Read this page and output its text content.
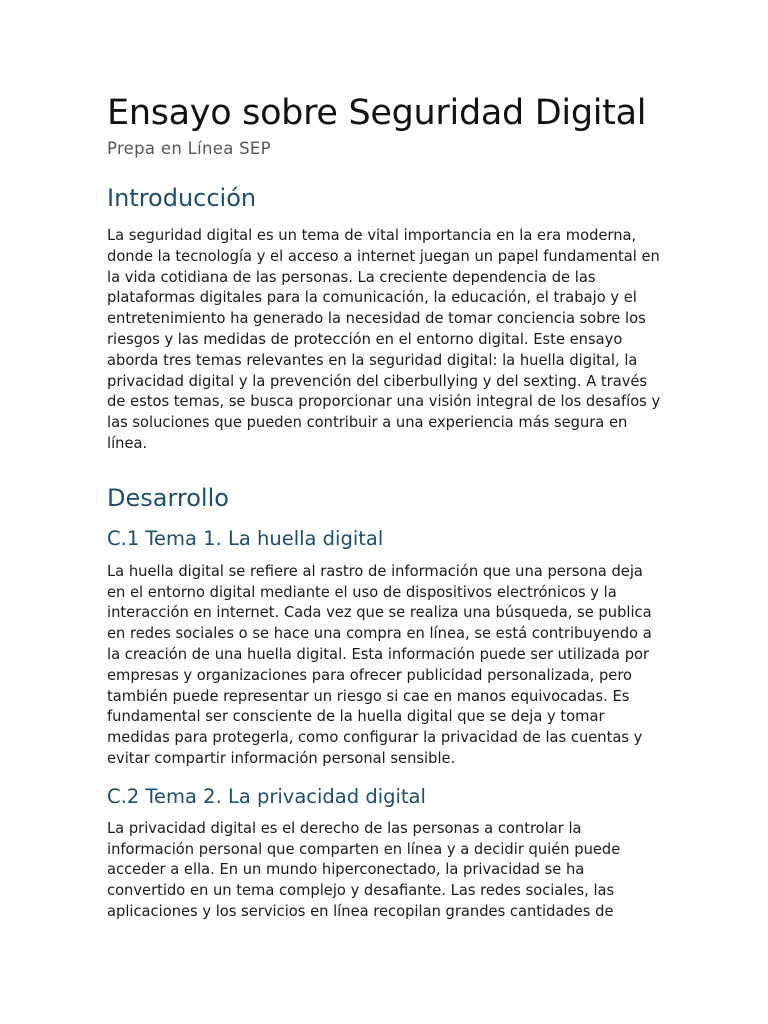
Ensayo sobre Seguridad Digital
Prepa en Línea SEP
Introducción

La seguridad digital es un tema de vital importancia en la era moderna, donde la tecnología y el acceso a internet juegan un papel fundamental en la vida cotidiana de las personas. La creciente dependencia de las plataformas digitales para la comunicación, la educación, el trabajo y el entretenimiento ha generado la necesidad de tomar conciencia sobre los riesgos y las medidas de protección en el entorno digital. Este ensayo aborda tres temas relevantes en la seguridad digital: la huella digital, la privacidad digital y la prevención del ciberbullying y del sexting. A través de estos temas, se busca proporcionar una visión integral de los desafíos y las soluciones que pueden contribuir a una experiencia más segura en línea.

Desarrollo
C.1 Tema 1. La huella digital

La huella digital se refiere al rastro de información que una persona deja en el entorno digital mediante el uso de dispositivos electrónicos y la interacción en internet. Cada vez que se realiza una búsqueda, se publica en redes sociales o se hace una compra en línea, se está contribuyendo a la creación de una huella digital. Esta información puede ser utilizada por empresas y organizaciones para ofrecer publicidad personalizada, pero también puede representar un riesgo si cae en manos equivocadas. Es fundamental ser consciente de la huella digital que se deja y tomar medidas para protegerla, como configurar la privacidad de las cuentas y evitar compartir información personal sensible.

C.2 Tema 2. La privacidad digital

La privacidad digital es el derecho de las personas a controlar la información personal que comparten en línea y a decidir quién puede acceder a ella. En un mundo hiperconectado, la privacidad se ha convertido en un tema complejo y desafiante. Las redes sociales, las aplicaciones y los servicios en línea recopilan grandes cantidades de
